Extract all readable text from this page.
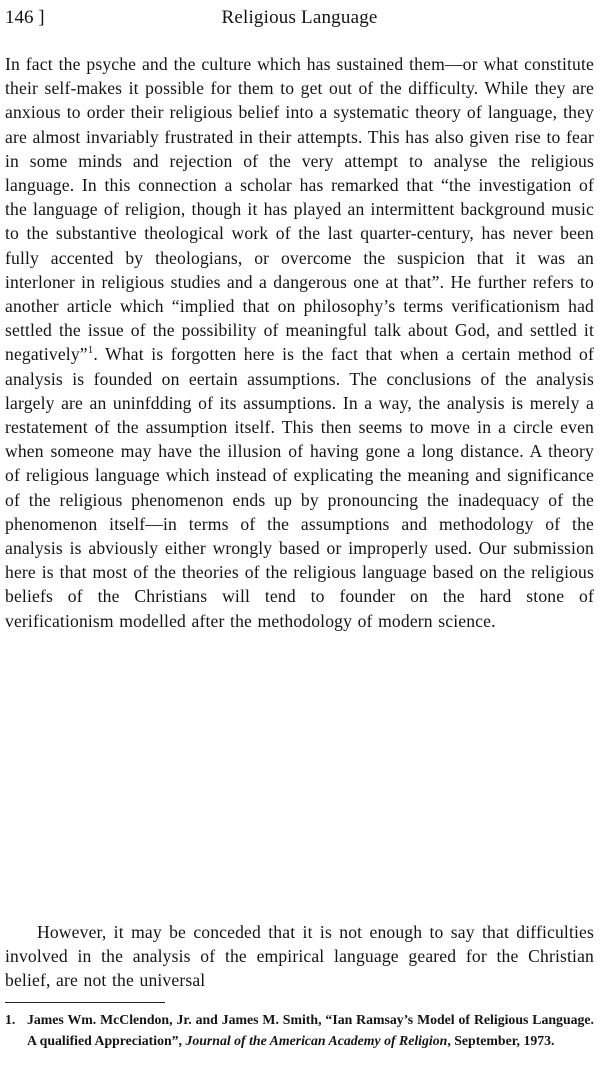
146 ]	Religious Language

In fact the psyche and the culture which has sustained them—or what constitute their self-makes it possible for them to get out of the difficulty. While they are anxious to order their religious belief into a systematic theory of language, they are almost invariably frustrated in their attempts. This has also given rise to fear in some minds and rejection of the very attempt to analyse the religious language. In this connection a scholar has remarked that “the investigation of the language of religion, though it has played an intermittent background music to the substantive theological work of the last quarter-century, has never been fully accented by theologians, or overcome the suspicion that it was an interloner in religious studies and a dangerous one at that”. He further refers to another article which “implied that on philosophy’s terms verificationism had settled the issue of the possibility of meaningful talk about God, and settled it negatively”$^1$. What is forgotten here is the fact that when a certain method of analysis is founded on eertain assumptions. The conclusions of the analysis largely are an uninfdding of its assumptions. In a way, the analysis is merely a restatement of the assumption itself. This then seems to move in a circle even when someone may have the illusion of having gone a long distance. A theory of religious language which instead of explicating the meaning and significance of the religious phenomenon ends up by pronouncing the inadequacy of the phenomenon itself—in terms of the assumptions and methodology of the analysis is abviously either wrongly based or improperly used. Our submission here is that most of the theories of the religious language based on the religious beliefs of the Christians will tend to founder on the hard stone of verificationism modelled after the methodology of modern science.

However, it may be conceded that it is not enough to say that difficulties involved in the analysis of the empirical language geared for the Christian belief, are not the universal

1. James Wm. McClendon, Jr. and James M. Smith, “Ian Ramsay’s Model of Religious Language. A qualified Appreciation”, Journal of the American Academy of Religion, September, 1973.
